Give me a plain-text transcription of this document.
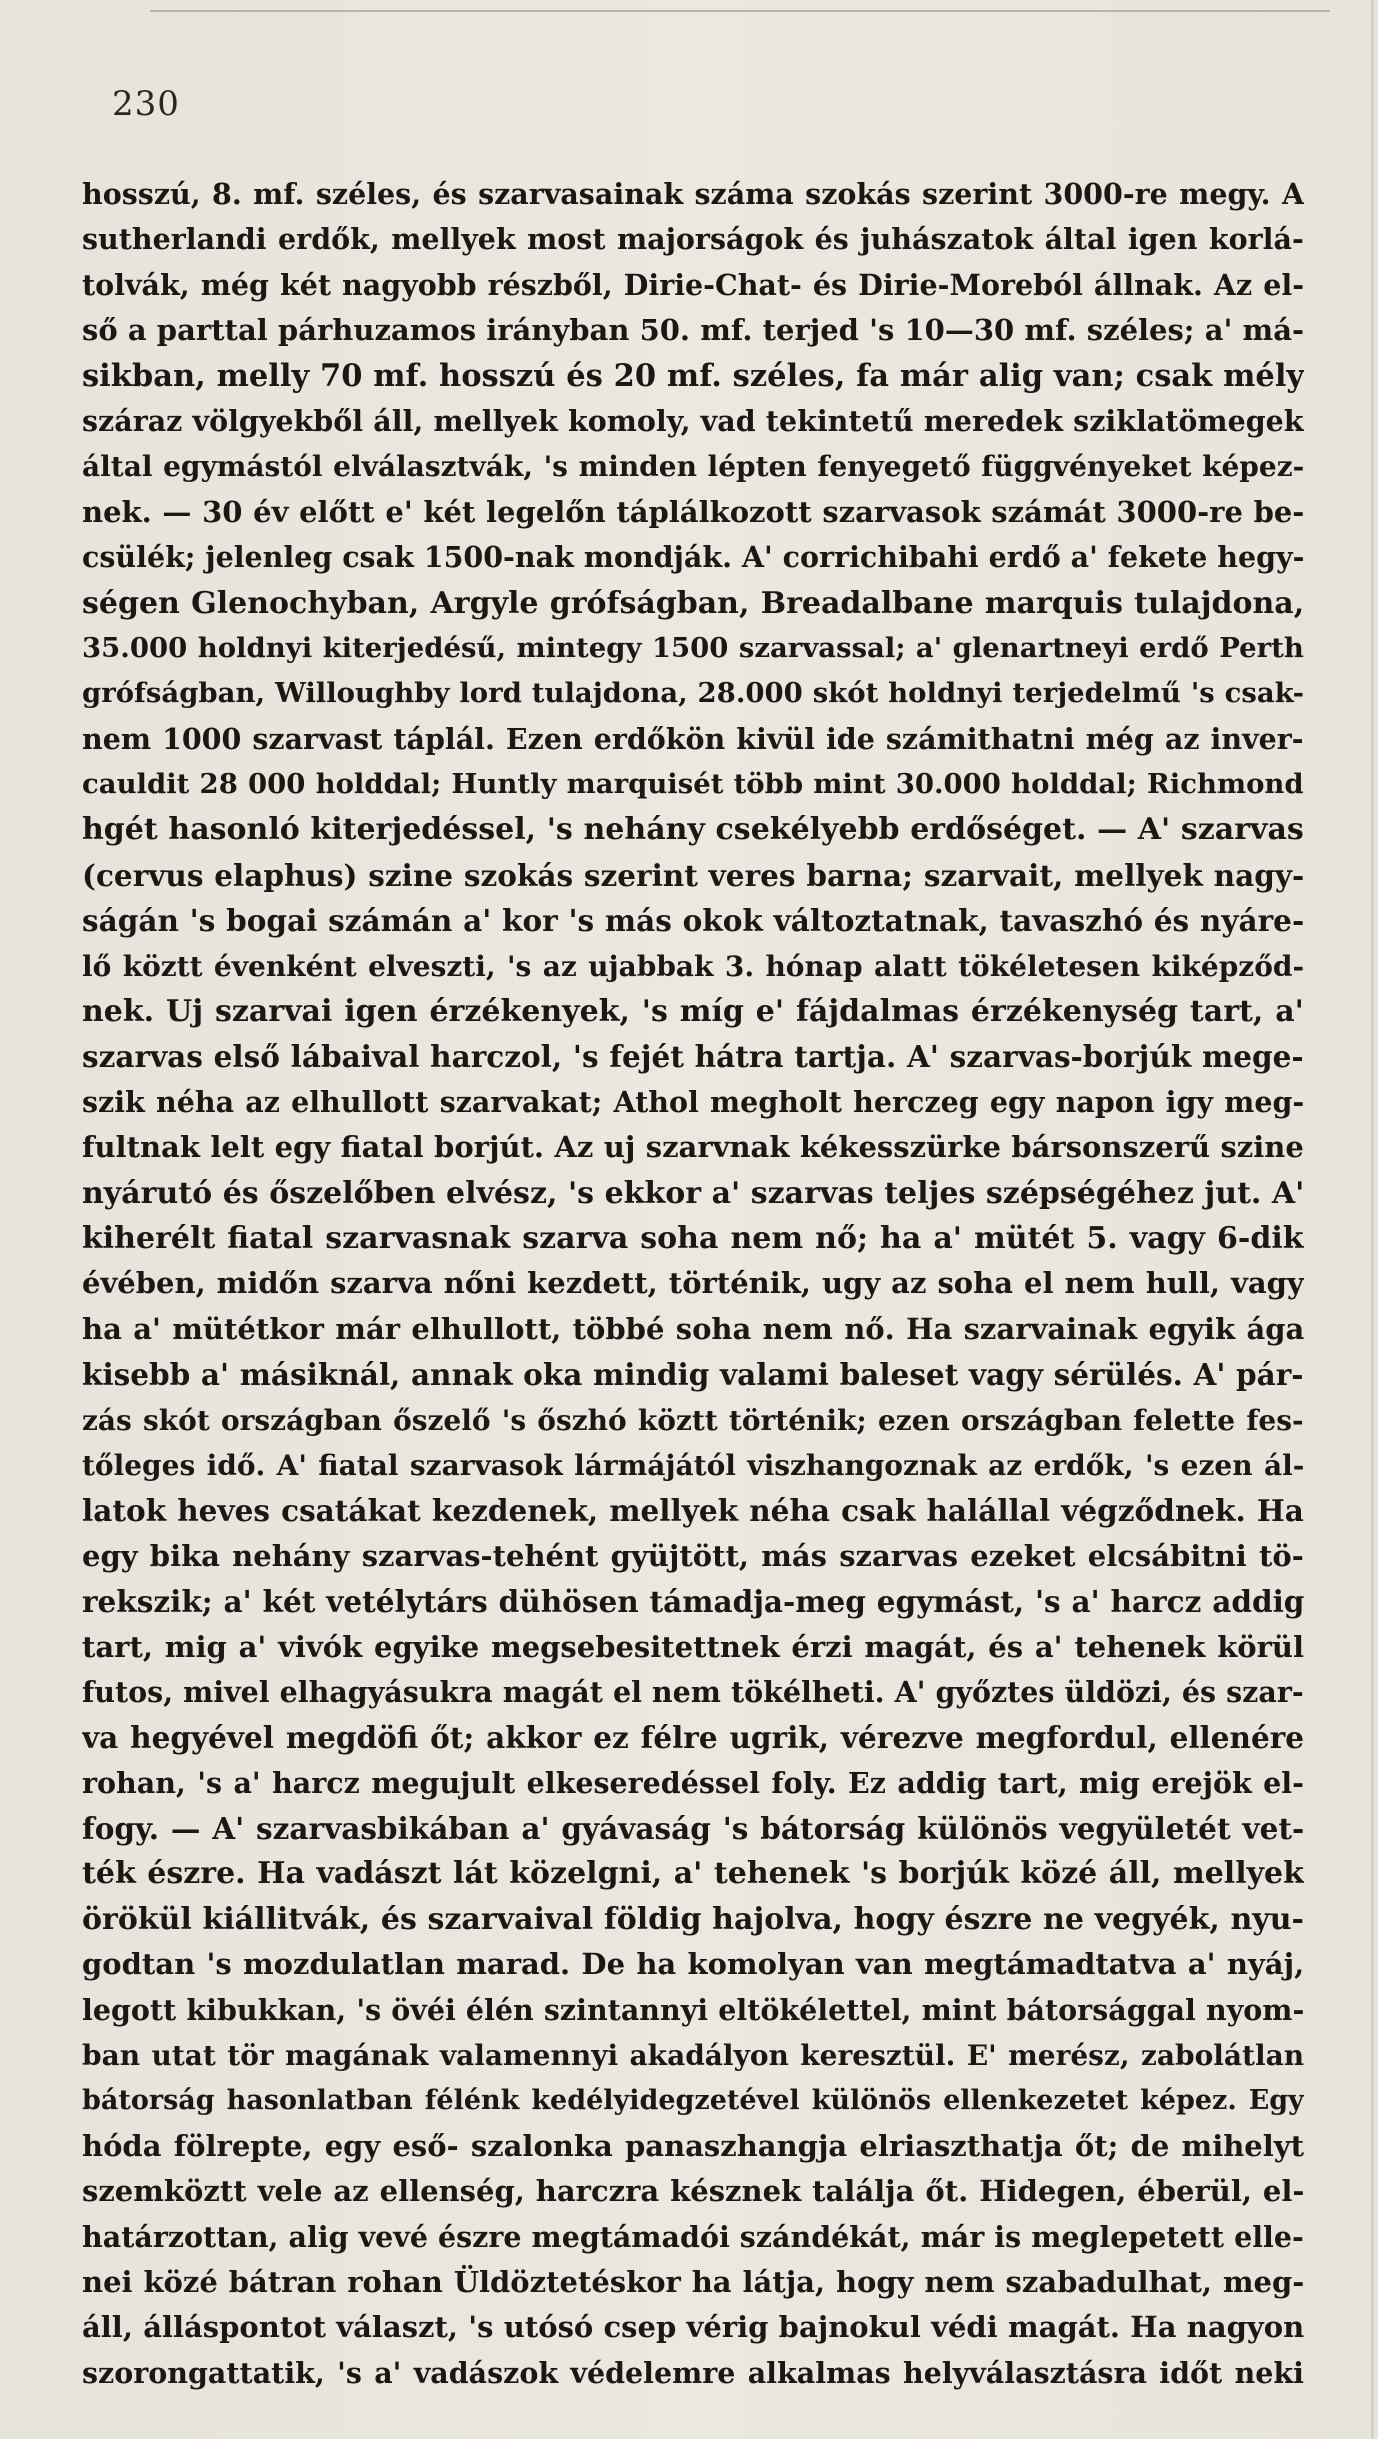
230
hosszú, 8. mf. széles, és szarvasainak száma szokás szerint 3000-re megy. A
sutherlandi erdők, mellyek most majorságok és juhászatok által igen korlá-
tolvák, még két nagyobb részből, Dirie-Chat- és Dirie-Moreból állnak. Az el-
ső a parttal párhuzamos irányban 50. mf. terjed 's 10—30 mf. széles; a' má-
sikban, melly 70 mf. hosszú és 20 mf. széles, fa már alig van; csak mély
száraz völgyekből áll, mellyek komoly, vad tekintetű meredek sziklatömegek
által egymástól elválasztvák, 's minden lépten fenyegető függvényeket képez-
nek. — 30 év előtt e' két legelőn táplálkozott szarvasok számát 3000-re be-
csülék; jelenleg csak 1500-nak mondják. A' corrichibahi erdő a' fekete hegy-
ségen Glenochyban, Argyle grófságban, Breadalbane marquis tulajdona,
35.000 holdnyi kiterjedésű, mintegy 1500 szarvassal; a' glenartneyi erdő Perth
grófságban, Willoughby lord tulajdona, 28.000 skót holdnyi terjedelmű 's csak-
nem 1000 szarvast táplál. Ezen erdőkön kivül ide számithatni még az inver-
cauldit 28 000 holddal; Huntly marquisét több mint 30.000 holddal; Richmond
hgét hasonló kiterjedéssel, 's nehány csekélyebb erdőséget. — A' szarvas
(cervus elaphus) szine szokás szerint veres barna; szarvait, mellyek nagy-
ságán 's bogai számán a' kor 's más okok változtatnak, tavaszhó és nyáre-
lő köztt évenként elveszti, 's az ujabbak 3. hónap alatt tökéletesen kiképződ-
nek. Uj szarvai igen érzékenyek, 's míg e' fájdalmas érzékenység tart, a'
szarvas első lábaival harczol, 's fejét hátra tartja. A' szarvas-borjúk mege-
szik néha az elhullott szarvakat; Athol megholt herczeg egy napon igy meg-
fultnak lelt egy fiatal borjút. Az uj szarvnak kékesszürke bársonszerű szine
nyárutó és őszelőben elvész, 's ekkor a' szarvas teljes szépségéhez jut. A'
kiherélt fiatal szarvasnak szarva soha nem nő; ha a' mütét 5. vagy 6-dik
évében, midőn szarva nőni kezdett, történik, ugy az soha el nem hull, vagy
ha a' mütétkor már elhullott, többé soha nem nő. Ha szarvainak egyik ága
kisebb a' másiknál, annak oka mindig valami baleset vagy sérülés. A' pár-
zás skót országban őszelő 's őszhó köztt történik; ezen országban felette fes-
tőleges idő. A' fiatal szarvasok lármájától viszhangoznak az erdők, 's ezen ál-
latok heves csatákat kezdenek, mellyek néha csak halállal végződnek. Ha
egy bika nehány szarvas-tehént gyüjtött, más szarvas ezeket elcsábitni tö-
rekszik; a' két vetélytárs dühösen támadja-meg egymást, 's a' harcz addig
tart, mig a' vivók egyike megsebesitettnek érzi magát, és a' tehenek körül
futos, mivel elhagyásukra magát el nem tökélheti. A' győztes üldözi, és szar-
va hegyével megdöfi őt; akkor ez félre ugrik, vérezve megfordul, ellenére
rohan, 's a' harcz megujult elkeseredéssel foly. Ez addig tart, mig erejök el-
fogy. — A' szarvasbikában a' gyávaság 's bátorság különös vegyületét vet-
ték észre. Ha vadászt lát közelgni, a' tehenek 's borjúk közé áll, mellyek
örökül kiállitvák, és szarvaival földig hajolva, hogy észre ne vegyék, nyu-
godtan 's mozdulatlan marad. De ha komolyan van megtámadtatva a' nyáj,
legott kibukkan, 's övéi élén szintannyi eltökélettel, mint bátorsággal nyom-
ban utat tör magának valamennyi akadályon keresztül. E' merész, zabolátlan
bátorság hasonlatban félénk kedélyidegzetével különös ellenkezetet képez. Egy
hóda fölrepte, egy eső- szalonka panaszhangja elriaszthatja őt; de mihelyt
szemköztt vele az ellenség, harczra késznek találja őt. Hidegen, éberül, el-
határzottan, alig vevé észre megtámadói szándékát, már is meglepetett elle-
nei közé bátran rohan Üldöztetéskor ha látja, hogy nem szabadulhat, meg-
áll, álláspontot választ, 's utósó csep vérig bajnokul védi magát. Ha nagyon
szorongattatik, 's a' vadászok védelemre alkalmas helyválasztásra időt neki
